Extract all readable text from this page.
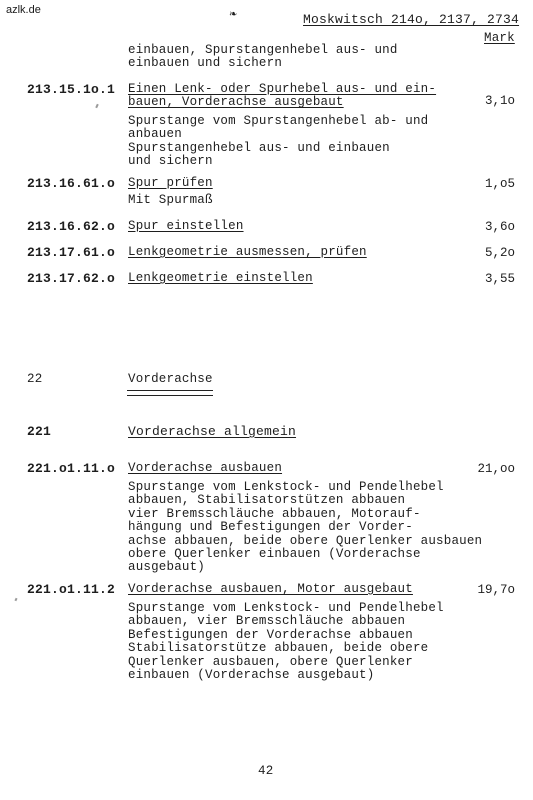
azlk.de	❧	Moskwitsch 214o, 2137, 2734
Mark
einbauen, Spurstangenhebel aus- und
einbauen und sichern
213.15.1o.1 Einen Lenk- oder Spurhebel aus- und ein-
bauen, Vorderachse ausgebaut	3,1o
Spurstange vom Spurstangenhebel ab- und
anbauen
Spurstangenhebel aus- und einbauen
und sichern
213.16.61.o Spur prüfen	1,o5
Mit Spurmaß
213.16.62.o Spur einstellen	3,6o
213.17.61.o Lenkgeometrie ausmessen, prüfen	5,2o
213.17.62.o Lenkgeometrie einstellen	3,55
22	Vorderachse
221	Vorderachse allgemein
221.o1.11.o Vorderachse ausbauen	21,oo
Spurstange vom Lenkstock- und Pendelhebel
abbauen, Stabilisatorstützen abbauen
vier Bremsschläuche abbauen, Motorauf-
hängung und Befestigungen der Vorder-
achse abbauen, beide obere Querlenker ausbauen
obere Querlenker einbauen (Vorderachse
ausgebaut)
221.o1.11.2 Vorderachse ausbauen, Motor ausgebaut	19,7o
Spurstange vom Lenkstock- und Pendelhebel
abbauen, vier Bremsschläuche abbauen
Befestigungen der Vorderachse abbauen
Stabilisatorstütze abbauen, beide obere
Querlenker ausbauen, obere Querlenker
einbauen (Vorderachse ausgebaut)
42
